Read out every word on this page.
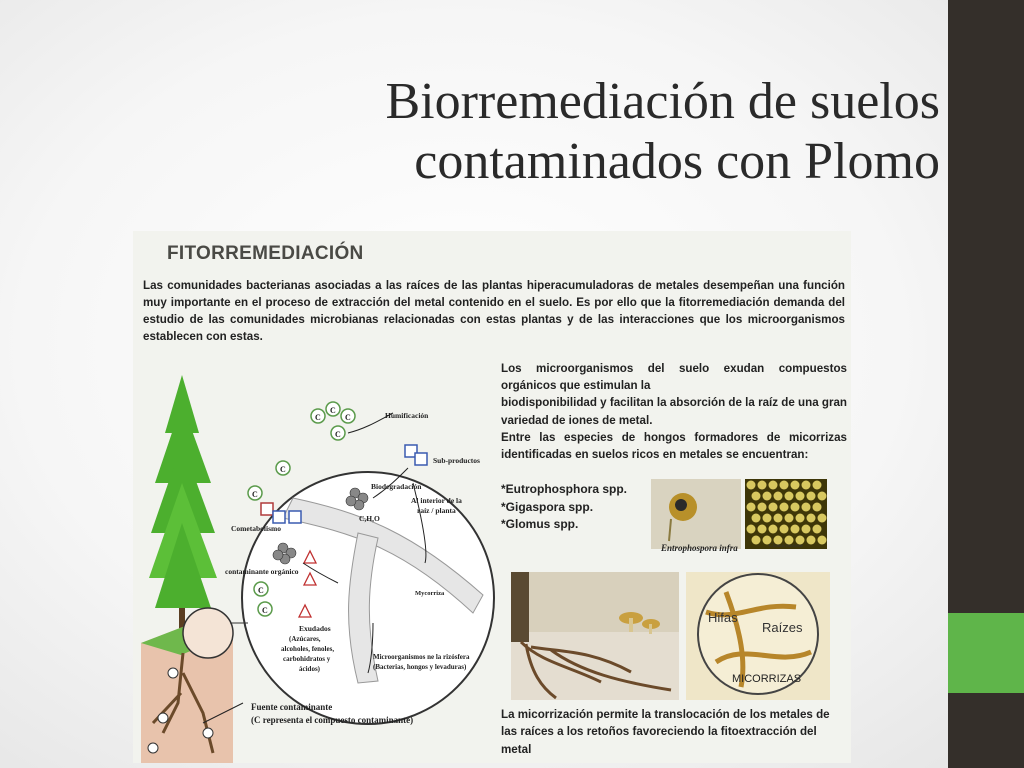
Biorremediación de suelos
contaminados con Plomo
FITORREMEDIACIÓN
Las comunidades bacterianas asociadas a las raíces de las plantas hiperacumuladoras de metales desempeñan una función muy importante en el proceso de extracción del metal contenido en el suelo. Es por ello que la fitorremediación demanda del estudio de las comunidades microbianas relacionadas con estas plantas y de las interacciones que los microorganismos establecen con estas.
C
C
C
C
C
C
C
C
Humificación
Sub-productos
Biodegradación
Al interior de la
raíz / planta
C,H,O
Cometabolismo
contaminante orgánico
Mycorriza
Exudados
(Azúcares,
alcoholes, fenoles,
carbohidratos y
ácidos)
Microorganismos ne la rizósfera
(Bacterias, hongos y levaduras)
Fuente contaminante
(C representa el compuesto contaminante)

Los microorganismos del suelo exudan compuestos orgánicos que estimulan la

biodisponibilidad y facilitan la absorción de la raíz de una gran variedad de iones de metal.

Entre las especies de hongos formadores de micorrizas identificadas en suelos ricos en metales se encuentran:

*Eutrophosphora spp.
*Gigaspora spp.
*Glomus spp.
Entrophospora infra	Glomus mosseae
Hifas
Raízes
MICORRIZAS
La micorrización permite la translocación de los metales de las raíces a los retoños favoreciendo la fitoextracción del metal
